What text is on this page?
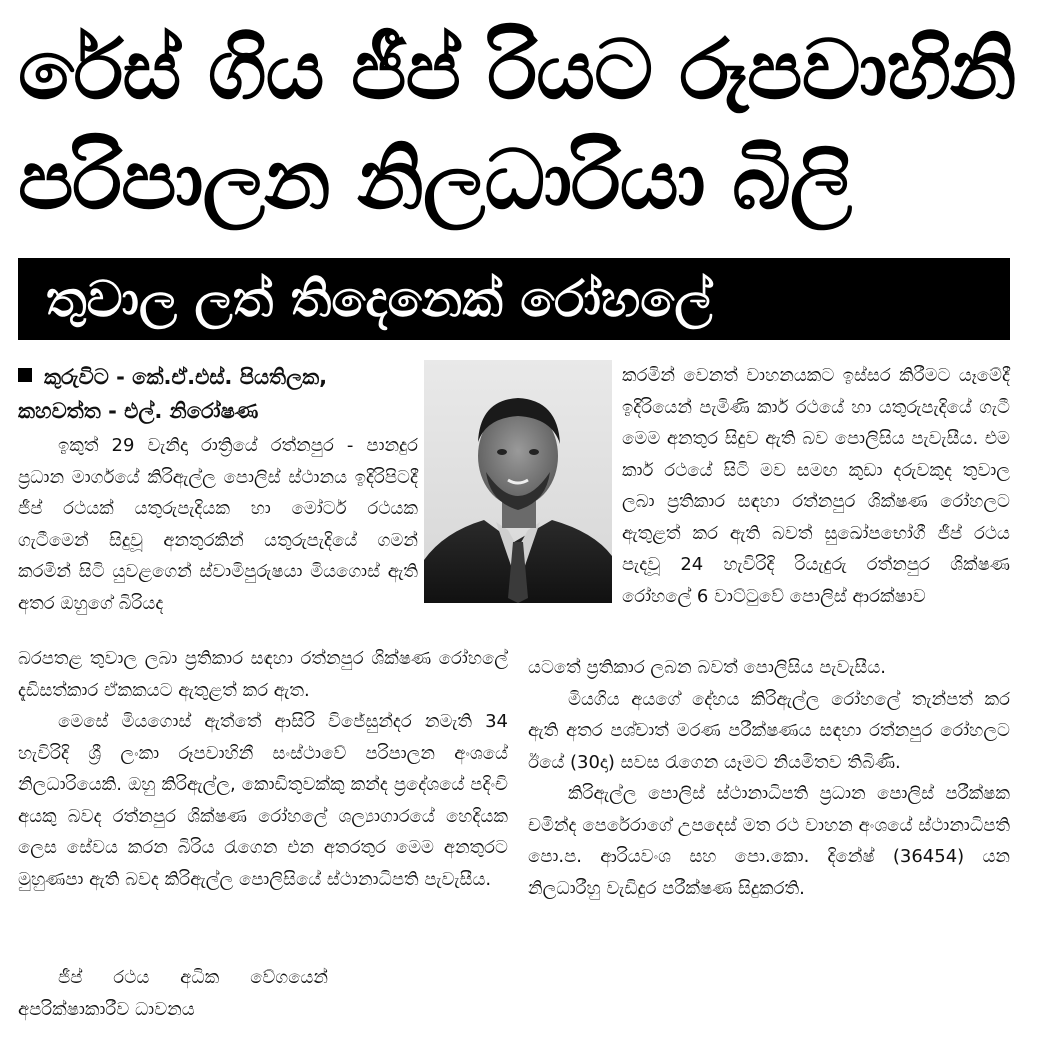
රේස් ගිය ජීප් රියට රූපවාහිනි
පරිපාලන නිලධාරියා බිලි
තුවාල ලත් තිදෙනෙක් රෝහලේ
කුරුවිට - කේ.ඒ.එස්. පියතිලක,
කහවත්ත - එල්. නිරෝෂණ

ඉකුත් 29 වැනිදා රාත්‍රියේ රත්නපුර - පානදුර ප්‍රධාන මාර්ගයේ කිරිඇල්ල පොලිස් ස්ථානය ඉදිරිපිටදී ජීප් රථයක් යතුරුපැදියක හා මෝටර් රථයක ගැටීමෙන් සිදුවූ අනතුරකින් යතුරුපැදියේ ගමන් කරමින් සිටි යුවළගෙන් ස්වාමිපුරුෂයා මියගොස් ඇති අතර ඔහුගේ බිරියද

බරපතළ තුවාල ලබා ප්‍රතිකාර සඳහා රත්නපුර ශික්ෂණ රෝහලේ දැඩිසත්කාර ඒකකයට ඇතුළත් කර ඇත.

මෙසේ මියගොස් ඇත්තේ ආසිරි විජේසුන්දර නමැති 34 හැවිරිදි ශ්‍රී ලංකා රූපවාහිනී සංස්ථාවේ පරිපාලන අංශයේ නිලධාරියෙකි. ඔහු කිරිඇල්ල, කොඩිතුවක්කු කන්ද ප්‍රදේශයේ පදිංචි අයකු බවද රත්නපුර ශික්ෂණ රෝහලේ ශල්‍යාගාරයේ හෙදියක ලෙස සේවය කරන බිරිය රැගෙන එන අතරතුර මෙම අනතුරට මුහුණපා ඇති බවද කිරිඇල්ල පොලිසියේ ස්ථානාධිපති පැවැසීය.

ජීප් රථය අධික වේගයෙන් අපරික්ෂාකාරීව ධාවනය

කරමින් වෙනත් වාහනයකට ඉස්සර කිරීමට යෑමේදී ඉදිරියෙන් පැමිණි කාර් රථයේ හා යතුරුපැදියේ ගැටී මෙම අනතුර සිදුව ඇති බව පොලිසිය පැවැසීය. එම කාර් රථයේ සිටි මව සමඟ කුඩා දරුවකුද තුවාල ලබා ප්‍රතිකාර සඳහා රත්නපුර ශික්ෂණ රෝහලට ඇතුළත් කර ඇති බවත් සුඛෝපභෝගී ජීප් රථය පැදවූ 24 හැවිරිදි රියැදුරු රත්නපුර ශික්ෂණ රෝහලේ 6 වාට්ටුවේ පොලිස් ආරක්ෂාව

යටතේ ප්‍රතිකාර ලබන බවත් පොලිසිය පැවැසීය.

මියගිය අයගේ දේහය කිරිඇල්ල රෝහලේ තැන්පත් කර ඇති අතර පශ්චාත් මරණ පරීක්ෂණය සඳහා රත්නපුර රෝහලට ඊයේ (30දා) සවස රැගෙන යෑමට නියමිතව තිබිණි.

කිරිඇල්ල පොලිස් ස්ථානාධිපති ප්‍රධාන පොලිස් පරීක්ෂක චමින්ද පෙරේරාගේ උපදෙස් මත රථ වාහන අංශයේ ස්ථානාධිපති පො.ප. ආරියවංශ සහ පො.කො. දිනේෂ් (36454) යන නිලධාරීහු වැඩිදුර පරීක්ෂණ සිදුකරති.
